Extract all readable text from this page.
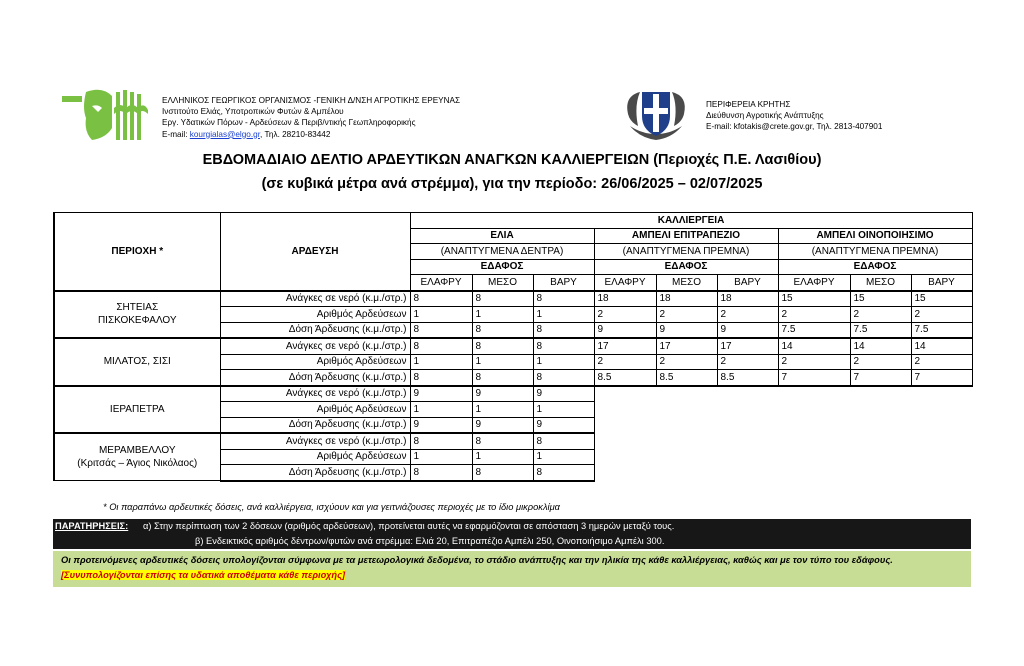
ΕΛΛΗΝΙΚΟΣ ΓΕΩΡΓΙΚΟΣ ΟΡΓΑΝΙΣΜΟΣ -ΓΕΝΙΚΗ Δ/ΝΣΗ ΑΓΡΟΤΙΚΗΣ ΕΡΕΥΝΑΣ
Ινστιτούτο Ελιάς, Υποτροπικών Φυτών & Αμπέλου
Εργ. Υδατικών Πόρων - Αρδεύσεων & Περιβ/ντικής Γεωπληροφορικής
E-mail: kourgialas@elgo.gr, Τηλ. 28210-83442
ΠΕΡΙΦΕΡΕΙΑ ΚΡΗΤΗΣ
Διεύθυνση Αγροτικής Ανάπτυξης
E-mail: kfotakis@crete.gov.gr, Τηλ. 2813-407901
ΕΒΔΟΜΑΔΙΑΙΟ ΔΕΛΤΙΟ ΑΡΔΕΥΤΙΚΩΝ ΑΝΑΓΚΩΝ ΚΑΛΛΙΕΡΓΕΙΩΝ (Περιοχές Π.Ε. Λασιθίου)
(σε κυβικά μέτρα ανά στρέμμα), για την περίοδο: 26/06/2025 – 02/07/2025
ΠΕΡΙΟΧΗ *	ΑΡΔΕΥΣΗ	ΚΑΛΛΙΕΡΓΕΙΑ								
		ΕΛΙΑ			ΑΜΠΕΛΙ ΕΠΙΤΡΑΠΕΖΙΟ			ΑΜΠΕΛΙ ΟΙΝΟΠΟΙΗΣΙΜΟ		
		(ΑΝΑΠΤΥΓΜΕΝΑ ΔΕΝΤΡΑ)			(ΑΝΑΠΤΥΓΜΕΝΑ ΠΡΕΜΝΑ)			(ΑΝΑΠΤΥΓΜΕΝΑ ΠΡΕΜΝΑ)		
		ΕΔΑΦΟΣ			ΕΔΑΦΟΣ			ΕΔΑΦΟΣ		
		ΕΛΑΦΡΥ	ΜΕΣΟ	ΒΑΡΥ	ΕΛΑΦΡΥ	ΜΕΣΟ	ΒΑΡΥ	ΕΛΑΦΡΥ	ΜΕΣΟ	ΒΑΡΥ

ΣΗΤΕΙΑΣ
ΠΙΣΚΟΚΕΦΑΛΟΥ	Ανάγκες σε νερό (κ.μ./στρ.)	8	8	8	18	18	18	15	15	15
	Αριθμός Αρδεύσεων	1	1	1	2	2	2	2	2	2
	Δόση Άρδευσης (κ.μ./στρ.)	8	8	8	9	9	9	7.5	7.5	7.5

ΜΙΛΑΤΟΣ, ΣΙΣΙ	Ανάγκες σε νερό (κ.μ./στρ.)	8	8	8	17	17	17	14	14	14
	Αριθμός Αρδεύσεων	1	1	1	2	2	2	2	2	2
	Δόση Άρδευσης (κ.μ./στρ.)	8	8	8	8.5	8.5	8.5	7	7	7

ΙΕΡΑΠΕΤΡΑ	Ανάγκες σε νερό (κ.μ./στρ.)	9	9	9						
	Αριθμός Αρδεύσεων	1	1	1						
	Δόση Άρδευσης (κ.μ./στρ.)	9	9	9						

ΜΕΡΑΜΒΕΛΛΟΥ
(Κριτσάς – Άγιος Νικόλαος)	Ανάγκες σε νερό (κ.μ./στρ.)	8	8	8						
	Αριθμός Αρδεύσεων	1	1	1						
	Δόση Άρδευσης (κ.μ./στρ.)	8	8	8						
* Οι παραπάνω αρδευτικές δόσεις, ανά καλλιέργεια, ισχύουν και για γειτνιάζουσες περιοχές με το ίδιο μικροκλίμα
ΠΑΡΑΤΗΡΗΣΕΙΣ: α) Στην περίπτωση των 2 δόσεων (αριθμός αρδεύσεων), προτείνεται αυτές να εφαρμόζονται σε απόσταση 3 ημερών μεταξύ τους.
β) Ενδεικτικός αριθμός δέντρων/φυτών ανά στρέμμα: Ελιά 20, Επιτραπέζιο Αμπέλι 250, Οινοποιήσιμο Αμπέλι 300.
Οι προτεινόμενες αρδευτικές δόσεις υπολογίζονται σύμφωνα με τα μετεωρολογικά δεδομένα, το στάδιο ανάπτυξης και την ηλικία της κάθε καλλιέργειας, καθώς και με τον τύπο του εδάφους. [Συνυπολογίζονται επίσης τα υδατικά αποθέματα κάθε περιοχής]
